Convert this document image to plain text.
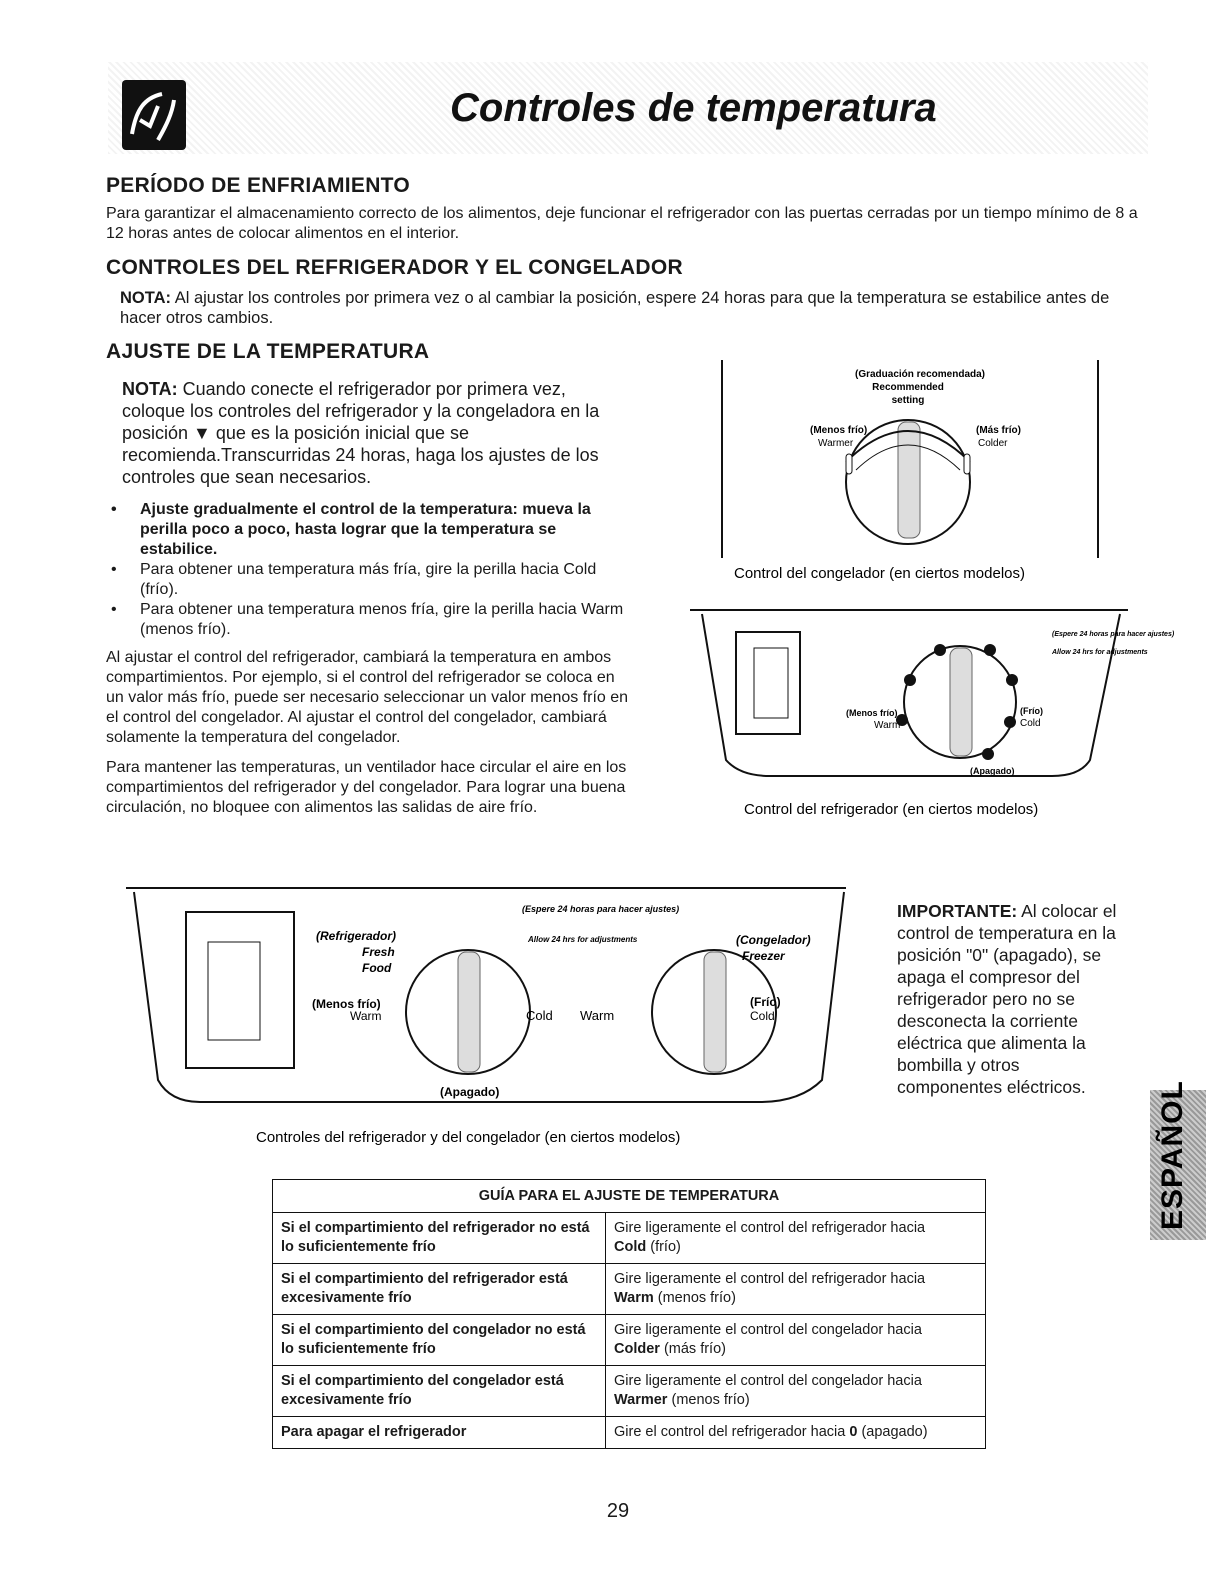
Controles de temperatura
PERÍODO DE ENFRIAMIENTO

Para garantizar el almacenamiento correcto de los alimentos, deje funcionar el refrigerador con las puertas cerradas por un tiempo mínimo de 8 a 12 horas antes de colocar alimentos en el interior.

CONTROLES DEL REFRIGERADOR Y EL CONGELADOR

NOTA: Al ajustar los controles por primera vez o al cambiar la posición, espere 24 horas para que la temperatura se estabilice antes de hacer otros cambios.

AJUSTE DE LA TEMPERATURA

NOTA: Cuando conecte el refrigerador por primera vez, coloque los controles del refrigerador y la congeladora en la posición ▼ que es la posición inicial que se recomienda.Transcurridas 24 horas, haga los ajustes de los controles que sean necesarios.

• Ajuste gradualmente el control de la temperatura: mueva la perilla poco a poco, hasta lograr que la temperatura se estabilice.
• Para obtener una temperatura más fría, gire la perilla hacia Cold (frío).
• Para obtener una temperatura menos fría, gire la perilla hacia Warm (menos frío).

Al ajustar el control del refrigerador, cambiará la temperatura en ambos compartimientos. Por ejemplo, si el control del refrigerador se coloca en un valor más frío, puede ser necesario seleccionar un valor menos frío en el control del congelador. Al ajustar el control del congelador, cambiará solamente la temperatura del congelador.

Para mantener las temperaturas, un ventilador hace circular el aire en los compartimientos del refrigerador y del congelador. Para lograr una buena circulación, no bloquee con alimentos las salidas de aire frío.

(Graduación recomendada)
Recommended
setting
(Menos frío)
Warmer
(Más frío)
Colder
Control del congelador (en ciertos modelos)
(Espere 24 horas para hacer ajustes)
Allow 24 hrs for adjustments
(Menos frío)
Warm
(Frío)
Cold
(Apagado)
Control del refrigerador (en ciertos modelos)
(Espere 24 horas para hacer ajustes)
Allow 24 hrs for adjustments
(Refrigerador)
Fresh
Food
(Congelador)
Freezer
(Menos frío)
Warm	Cold Warm
(Frío)
Cold
(Apagado)
Controles del refrigerador y del congelador (en ciertos modelos)

IMPORTANTE: Al colocar el control de temperatura en la posición "0" (apagado), se apaga el compresor del refrigerador pero no se desconecta la corriente eléctrica que alimenta la bombilla y otros componentes eléctricos.

GUÍA PARA EL AJUSTE DE TEMPERATURA	
Si el compartimiento del refrigerador no está lo suficientemente frío	Gire ligeramente el control del refrigerador hacia
Cold (frío)
Si el compartimiento del refrigerador está excesivamente frío	Gire ligeramente el control del refrigerador hacia
Warm (menos frío)
Si el compartimiento del congelador no está lo suficientemente frío	Gire ligeramente el control del congelador hacia
Colder (más frío)
Si el compartimiento del congelador está excesivamente frío	Gire ligeramente el control del congelador hacia
Warmer (menos frío)
Para apagar el refrigerador	Gire el control del refrigerador hacia 0 (apagado)
ESPAÑOL
29
